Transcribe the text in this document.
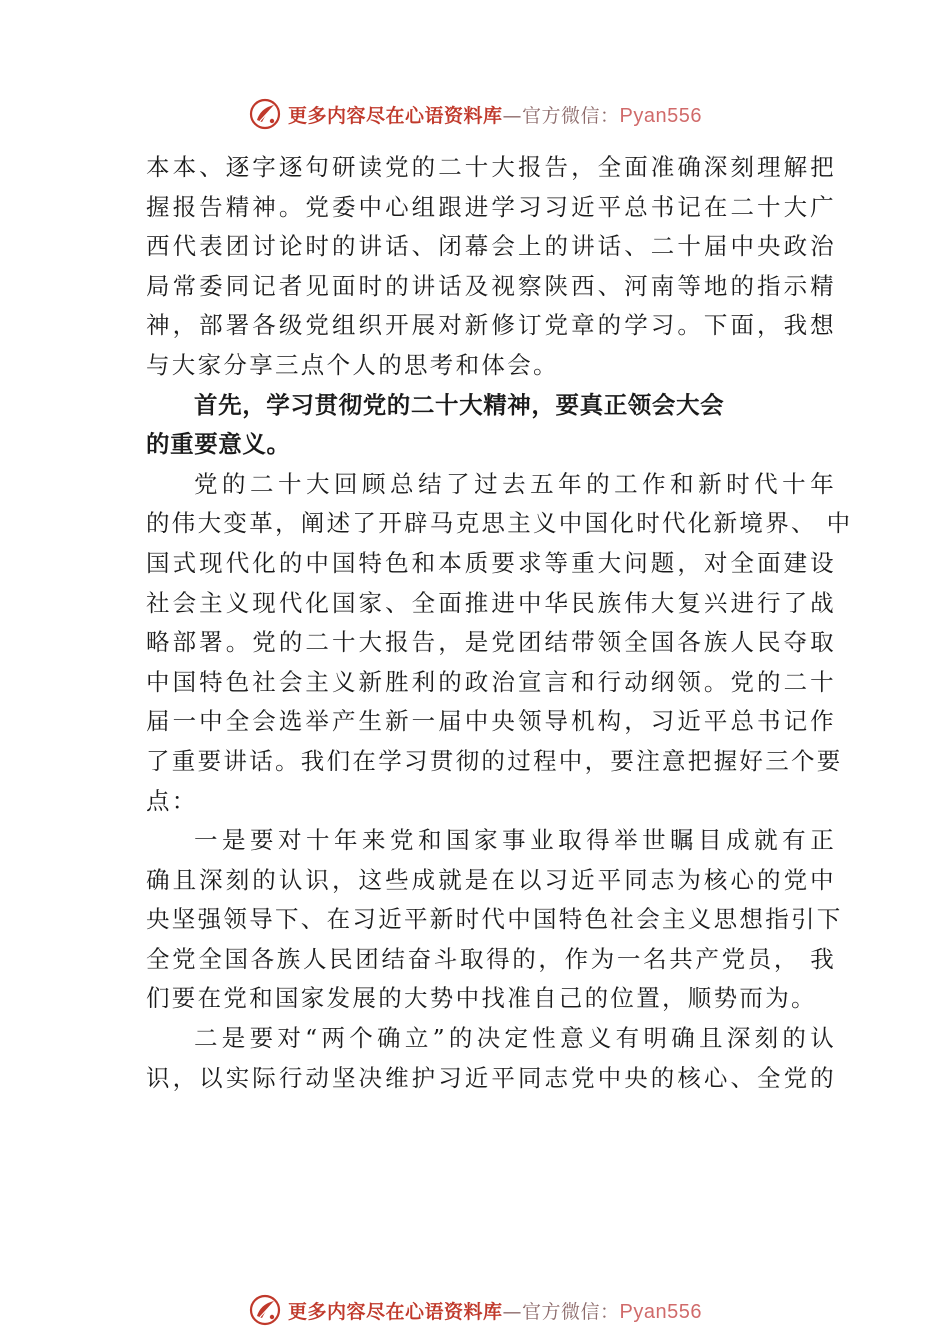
更多内容尽在心语资料库—官方微信：Pyan556
本本、逐字逐句研读党的二十大报告，全面准确深刻理解把
握报告精神。党委中心组跟进学习习近平总书记在二十大广
西代表团讨论时的讲话、闭幕会上的讲话、二十届中央政治
局常委同记者见面时的讲话及视察陕西、河南等地的指示精
神，部署各级党组织开展对新修订党章的学习。下面，我想
与大家分享三点个人的思考和体会。
首先，学习贯彻党的二十大精神，要真正领会大会
的重要意义。
党的二十大回顾总结了过去五年的工作和新时代十年
的伟大变革，阐述了开辟马克思主义中国化时代化新境界、 中
国式现代化的中国特色和本质要求等重大问题，对全面建设
社会主义现代化国家、全面推进中华民族伟大复兴进行了战
略部署。党的二十大报告，是党团结带领全国各族人民夺取
中国特色社会主义新胜利的政治宣言和行动纲领。党的二十
届一中全会选举产生新一届中央领导机构，习近平总书记作
了重要讲话。我们在学习贯彻的过程中，要注意把握好三个要
点：
一是要对十年来党和国家事业取得举世瞩目成就有正
确且深刻的认识，这些成就是在以习近平同志为核心的党中
央坚强领导下、在习近平新时代中国特色社会主义思想指引下
全党全国各族人民团结奋斗取得的，作为一名共产党员， 我
们要在党和国家发展的大势中找准自己的位置，顺势而为。
二是要对“两个确立”的决定性意义有明确且深刻的认
识，以实际行动坚决维护习近平同志党中央的核心、全党的
更多内容尽在心语资料库—官方微信：Pyan556
